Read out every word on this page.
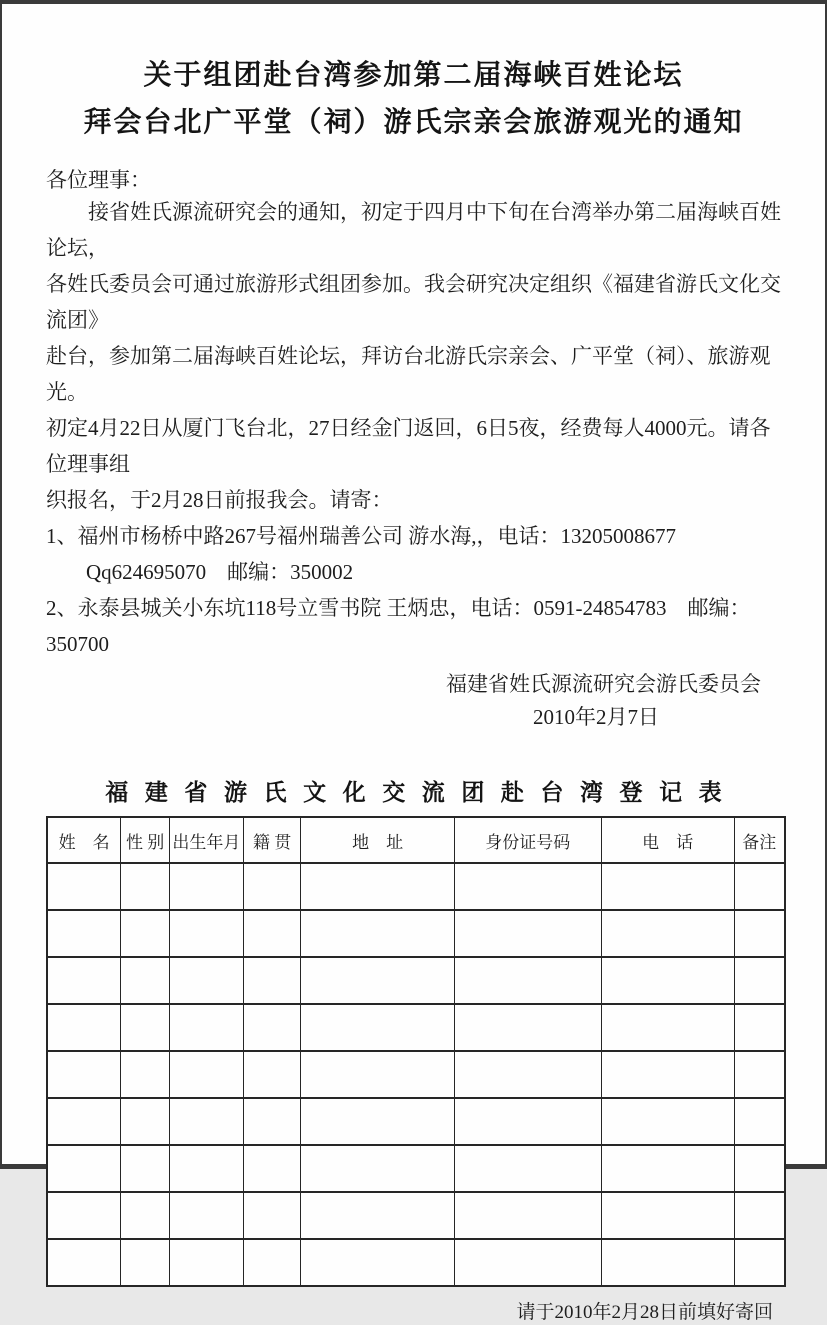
关于组团赴台湾参加第二届海峡百姓论坛
拜会台北广平堂（祠）游氏宗亲会旅游观光的通知
各位理事：
接省姓氏源流研究会的通知，初定于四月中下旬在台湾举办第二届海峡百姓论坛，
各姓氏委员会可通过旅游形式组团参加。我会研究决定组织《福建省游氏文化交流团》
赴台，参加第二届海峡百姓论坛，拜访台北游氏宗亲会、广平堂（祠）、旅游观光。
初定4月22日从厦门飞台北，27日经金门返回，6日5夜，经费每人4000元。请各位理事组
织报名，于2月28日前报我会。请寄：
1、福州市杨桥中路267号福州瑞善公司 游水海,，电话：13205008677
Qq624695070　邮编：350002
2、永泰县城关小东坑118号立雪书院 王炳忠，电话：0591-24854783　邮编：350700
福建省姓氏源流研究会游氏委员会
2010年2月7日
福建省游氏文化交流团赴台湾登记表
姓　名	性 别	出生年月	籍 贯	地　址	身份证号码	电　话	备注

请于2010年2月28日前填好寄回
